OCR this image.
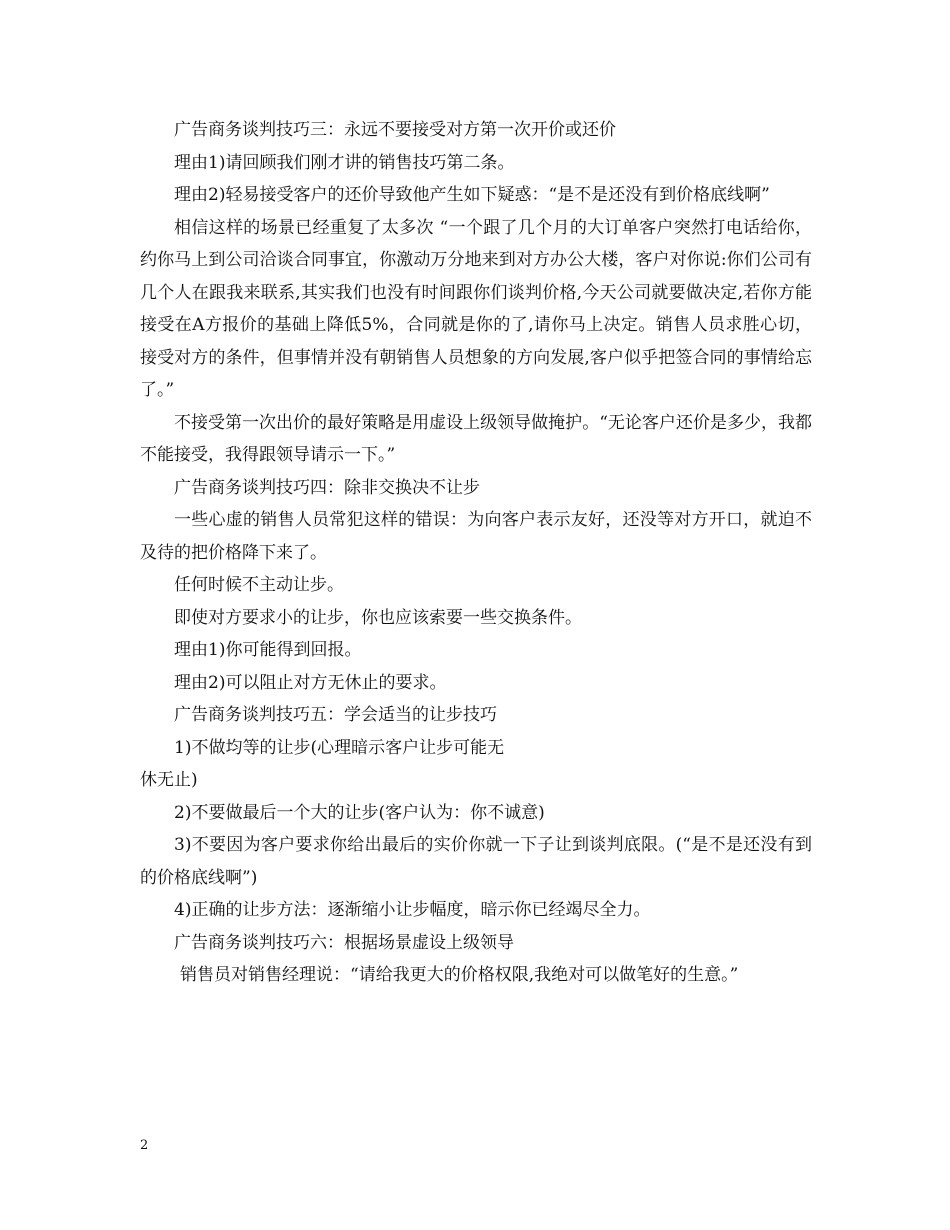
广告商务谈判技巧三：永远不要接受对方第一次开价或还价

理由1)请回顾我们刚才讲的销售技巧第二条。

理由2)轻易接受客户的还价导致他产生如下疑惑：“是不是还没有到价格底线啊”

相信这样的场景已经重复了太多次 “一个跟了几个月的大订单客户突然打电话给你，约你马上到公司洽谈合同事宜，你激动万分地来到对方办公大楼，客户对你说:你们公司有几个人在跟我来联系,其实我们也没有时间跟你们谈判价格,今天公司就要做决定,若你方能接受在A方报价的基础上降低5%，合同就是你的了,请你马上决定。销售人员求胜心切，接受对方的条件，但事情并没有朝销售人员想象的方向发展,客户似乎把签合同的事情给忘了。”

不接受第一次出价的最好策略是用虚设上级领导做掩护。“无论客户还价是多少，我都不能接受，我得跟领导请示一下。”

广告商务谈判技巧四：除非交换决不让步

一些心虚的销售人员常犯这样的错误：为向客户表示友好，还没等对方开口，就迫不及待的把价格降下来了。

任何时候不主动让步。

即使对方要求小的让步，你也应该索要一些交换条件。

理由1)你可能得到回报。

理由2)可以阻止对方无休止的要求。

广告商务谈判技巧五：学会适当的让步技巧

1)不做均等的让步(心理暗示客户让步可能无

休无止)

2)不要做最后一个大的让步(客户认为：你不诚意)

3)不要因为客户要求你给出最后的实价你就一下子让到谈判底限。(“是不是还没有到的价格底线啊”)

4)正确的让步方法：逐渐缩小让步幅度，暗示你已经竭尽全力。

广告商务谈判技巧六：根据场景虚设上级领导

销售员对销售经理说：“请给我更大的价格权限,我绝对可以做笔好的生意。”

2
